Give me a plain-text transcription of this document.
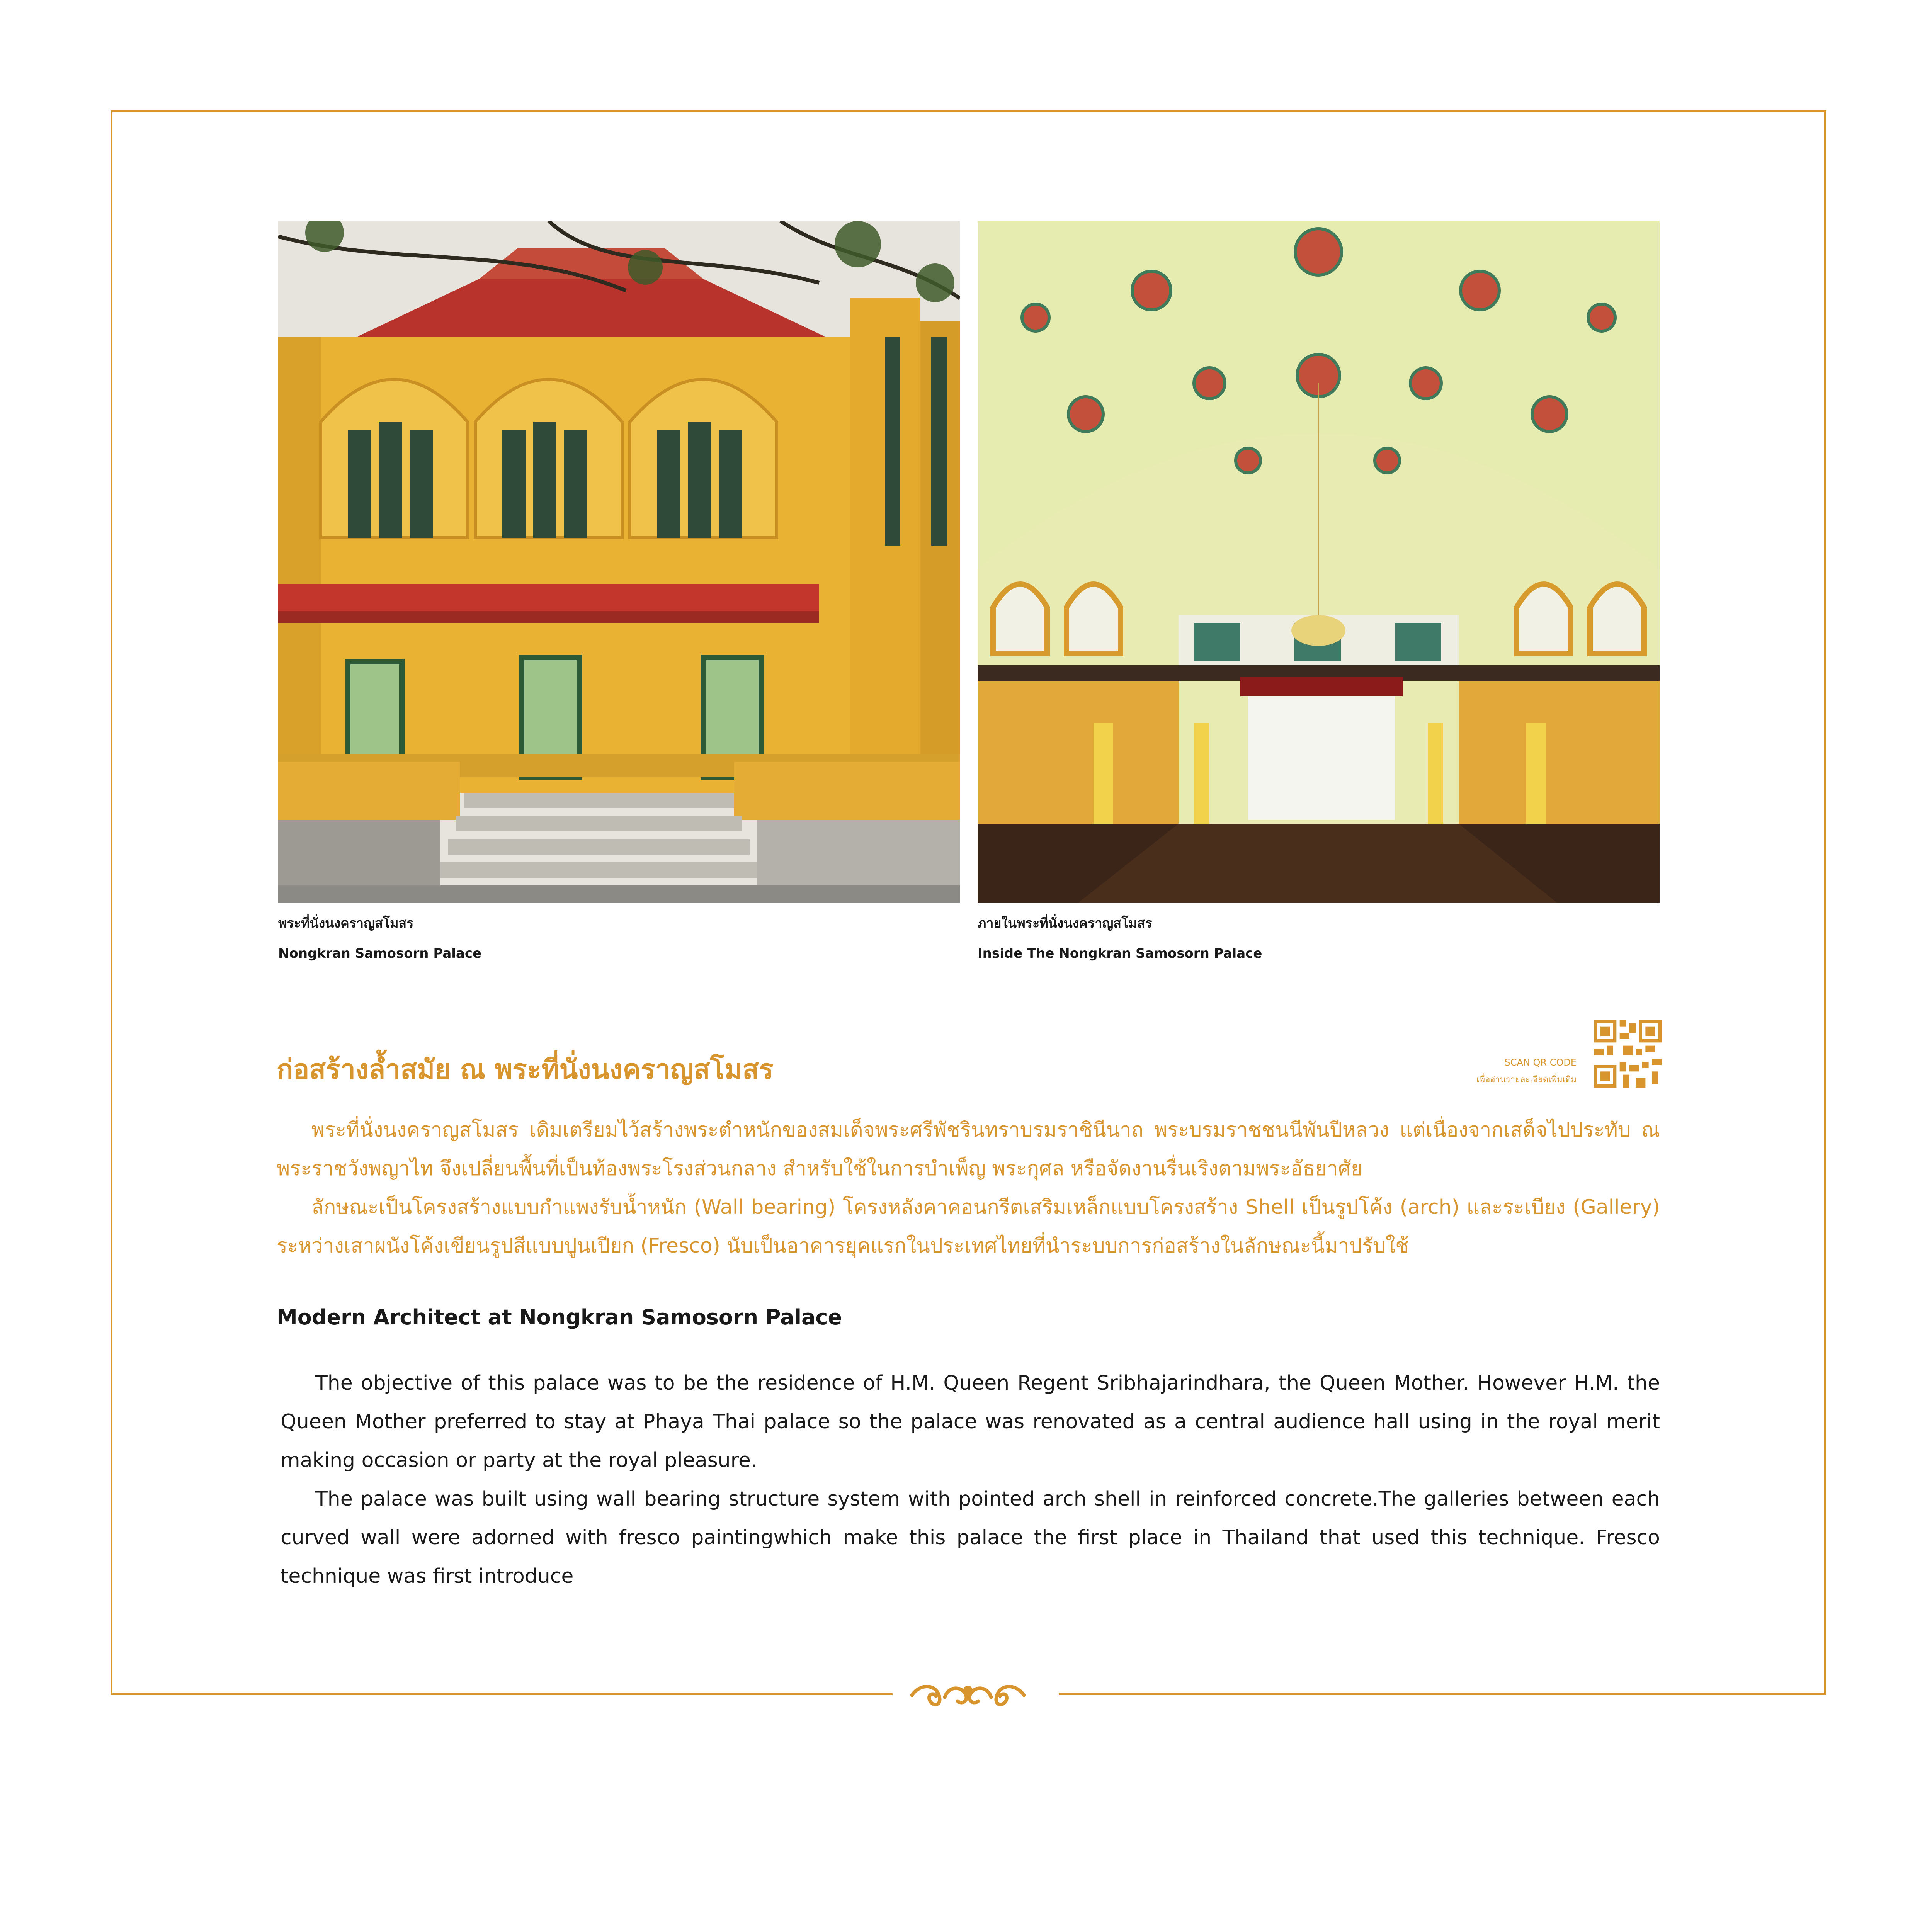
พระที่นั่งนงคราญสโมสร
Nongkran Samosorn Palace
ภายในพระที่นั่งนงคราญสโมสร
Inside The Nongkran Samosorn Palace
ก่อสร้างล้ำสมัย ณ พระที่นั่งนงคราญสโมสร	SCAN QR CODE
เพื่ออ่านรายละเอียดเพิ่มเติม

พระที่นั่งนงคราญสโมสร เดิมเตรียมไว้สร้างพระตำหนักของสมเด็จพระศรีพัชรินทราบรมราชินีนาถ พระบรมราชชนนีพันปีหลวง แต่เนื่องจากเสด็จไปประทับ ณ พระราชวังพญาไท จึงเปลี่ยนพื้นที่เป็นท้องพระโรงส่วนกลาง สำหรับใช้ในการบำเพ็ญ พระกุศล หรือจัดงานรื่นเริงตามพระอัธยาศัย

ลักษณะเป็นโครงสร้างแบบกำแพงรับน้ำหนัก (Wall bearing) โครงหลังคาคอนกรีตเสริมเหล็กแบบโครงสร้าง Shell เป็นรูปโค้ง (arch) และระเบียง (Gallery) ระหว่างเสาผนังโค้งเขียนรูปสีแบบปูนเปียก (Fresco) นับเป็นอาคารยุคแรกในประเทศไทยที่นำระบบการก่อสร้างในลักษณะนี้มาปรับใช้

Modern Architect at Nongkran Samosorn Palace

The objective of this palace was to be the residence of H.M. Queen Regent Sribhajarindhara, the Queen Mother. However H.M. the Queen Mother preferred to stay at Phaya Thai palace so the palace was renovated as a central audience hall using in the royal merit making occasion or party at the royal pleasure.

The palace was built using wall bearing structure system with pointed arch shell in reinforced concrete.The galleries between each curved wall were adorned with fresco paintingwhich make this palace the first place in Thailand that used this technique. Fresco technique was first introduce
